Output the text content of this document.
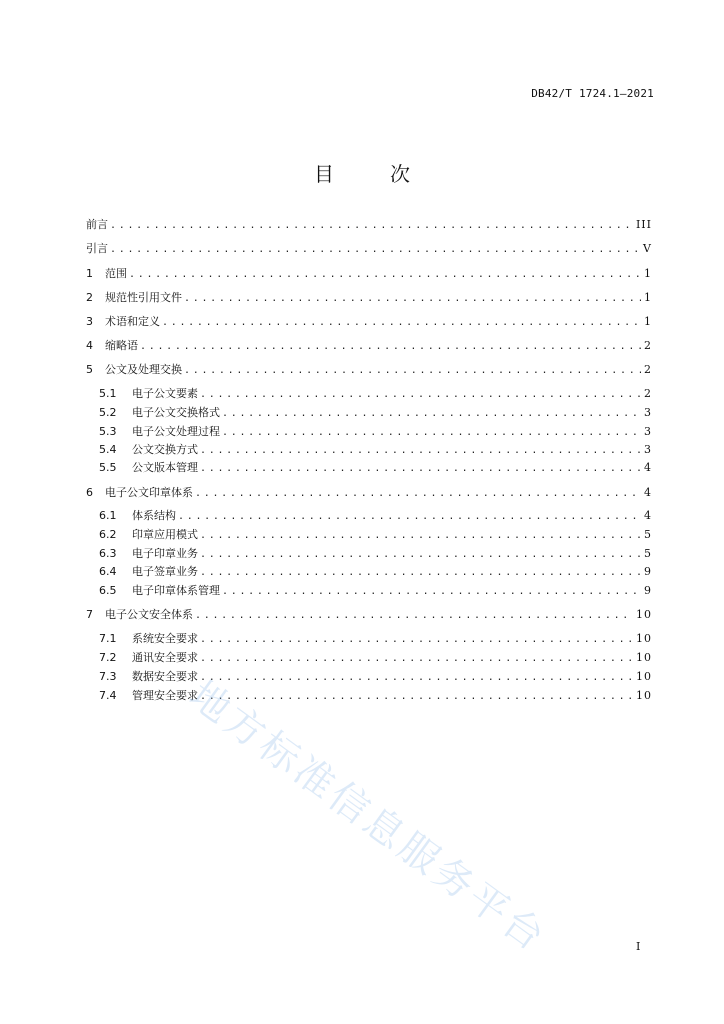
DB42/T 1724.1—2021
目　次
前言 .....	III
引言 .....	V
1	范围 .....	1
2	规范性引用文件 .....	1
3	术语和定义 .....	1
4	缩略语 .....	2
5	公文及处理交换 .....	2
5.1	电子公文要素 .....	2
5.2	电子公文交换格式 .....	3
5.3	电子公文处理过程 .....	3
5.4	公文交换方式 .....	3
5.5	公文版本管理 .....	4
6	电子公文印章体系 .....	4
6.1	体系结构 .....	4
6.2	印章应用模式 .....	5
6.3	电子印章业务 .....	5
6.4	电子签章业务 .....	9
6.5	电子印章体系管理 .....	9
7	电子公文安全体系 .....	10
7.1	系统安全要求 .....	10
7.2	通讯安全要求 .....	10
7.3	数据安全要求 .....	10
7.4	管理安全要求 .....	10
地方标准信息服务平台	I
